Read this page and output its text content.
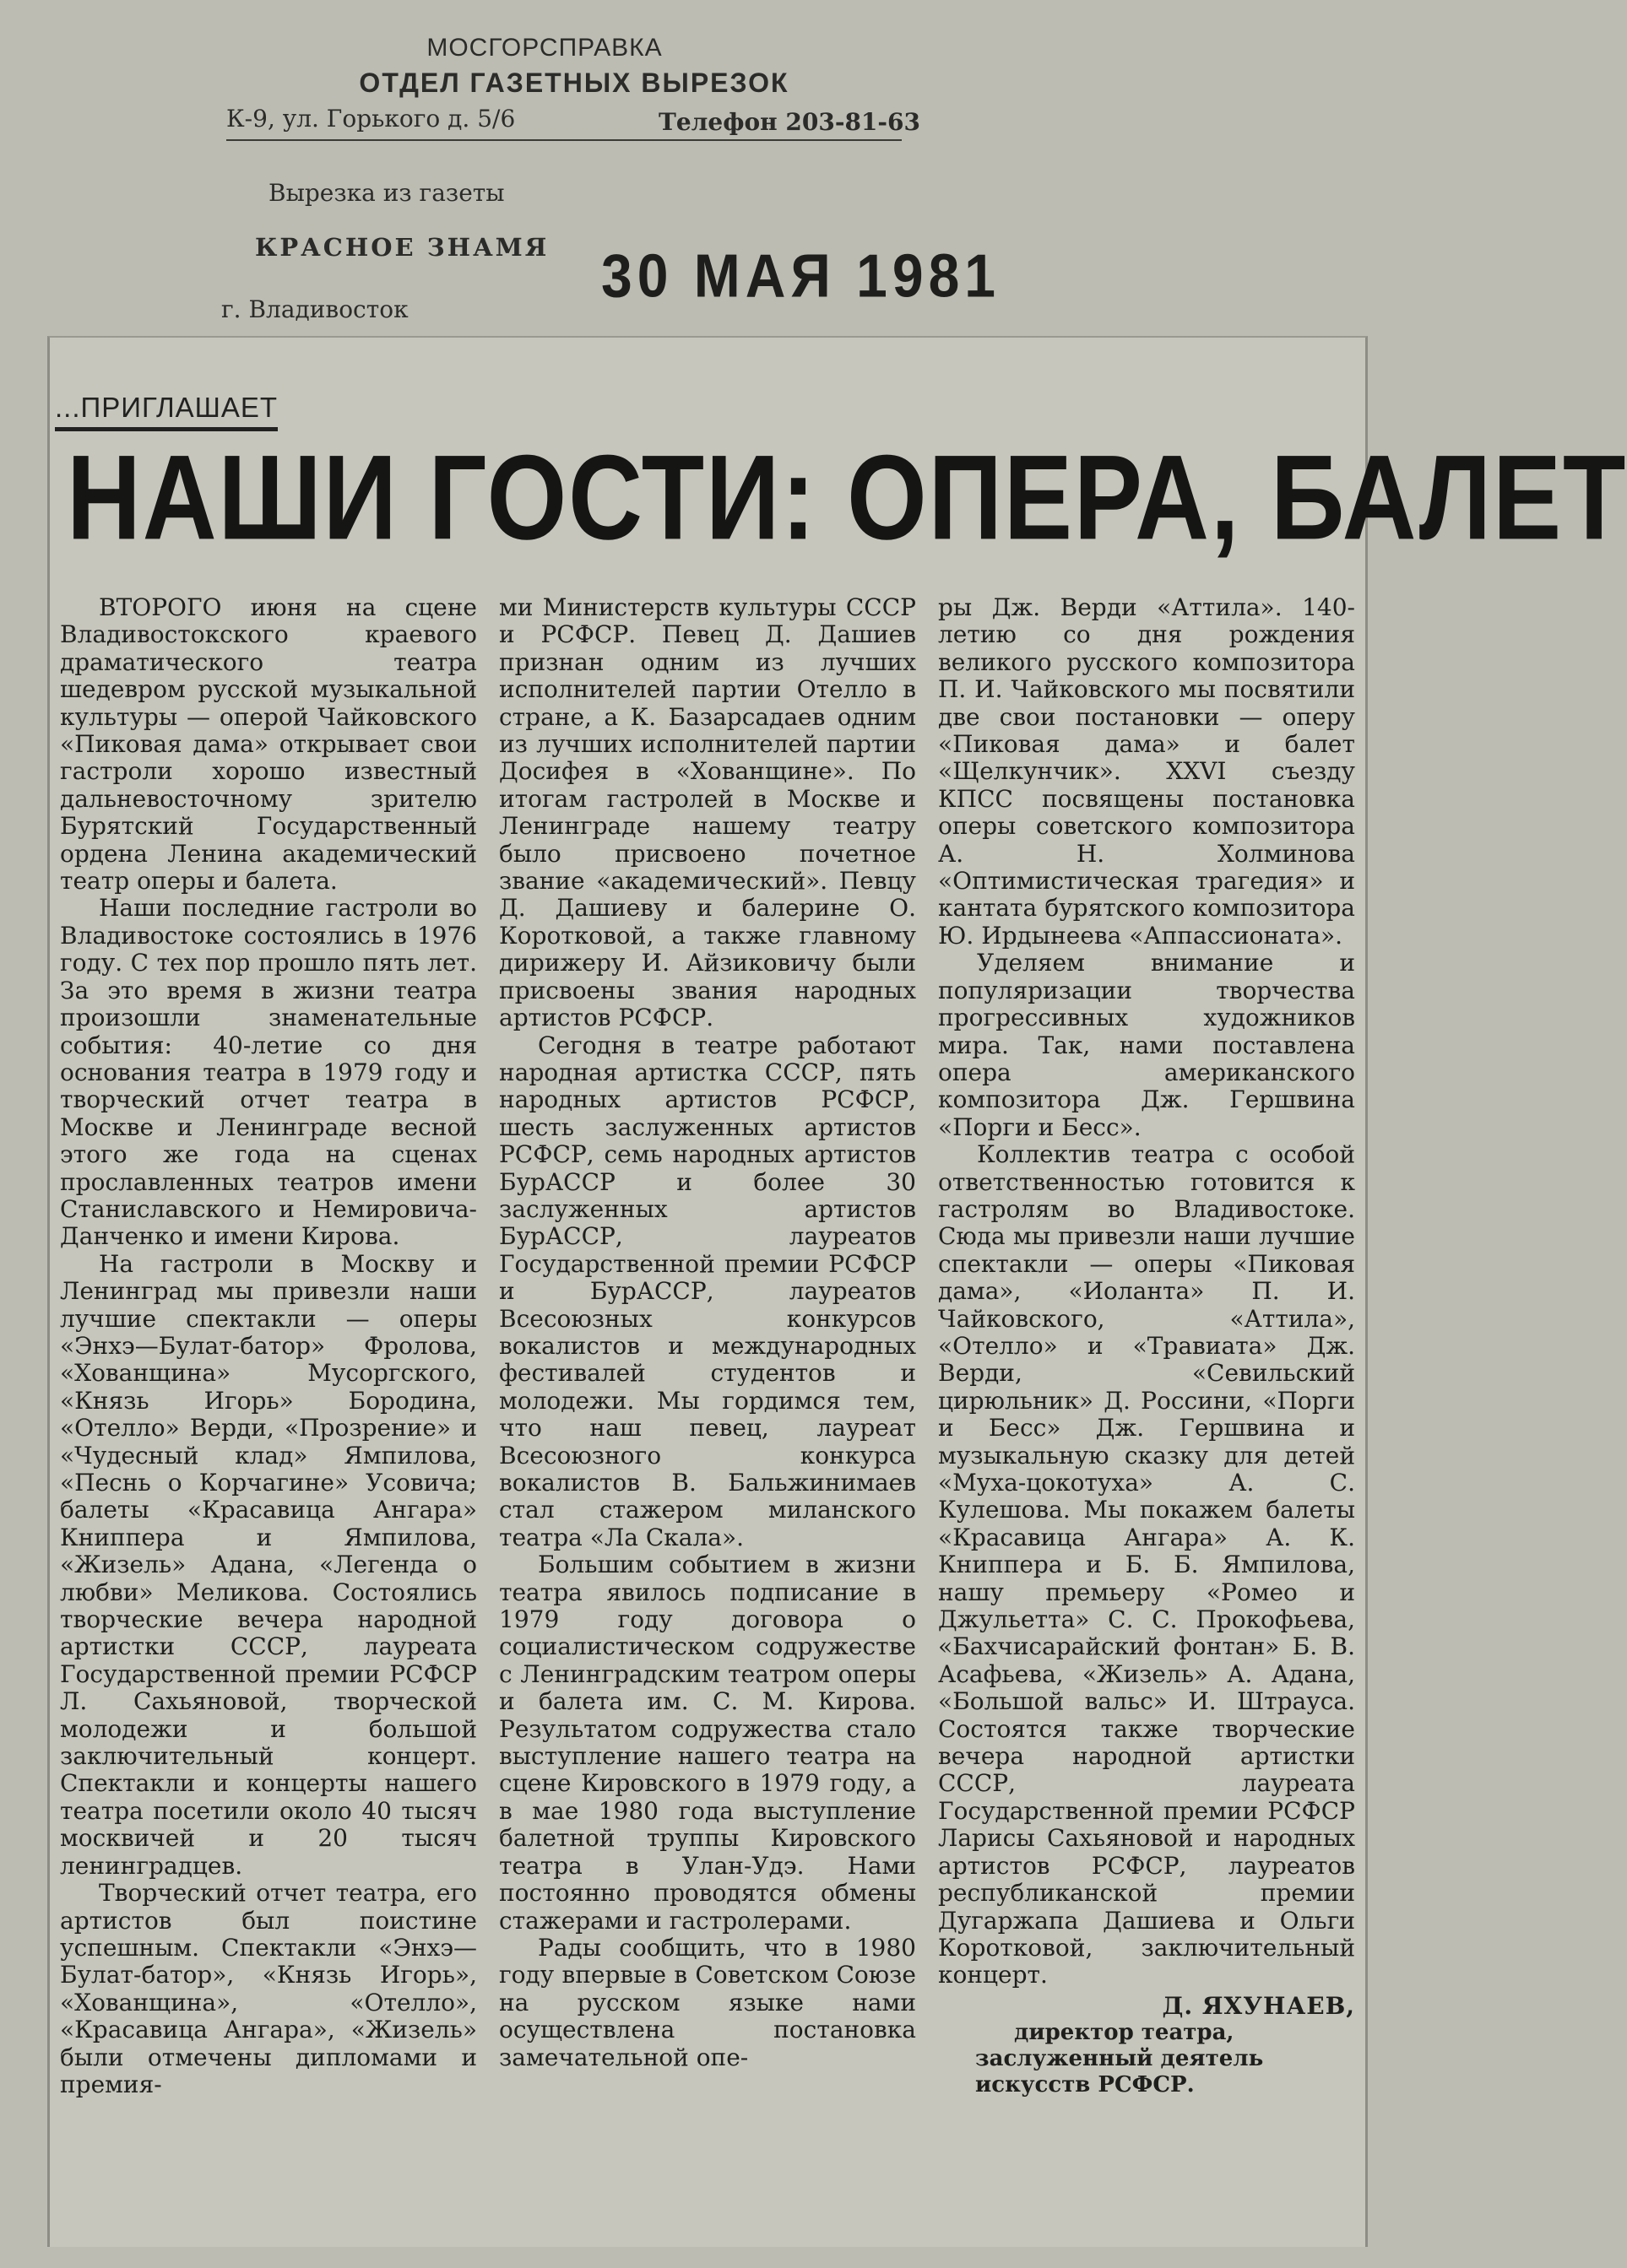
МОСГОРСПРАВКА
ОТДЕЛ ГАЗЕТНЫХ ВЫРЕЗОК
К-9, ул. Горького д. 5/6	Телефон 203-81-63
Вырезка из газеты
КРАСНОЕ ЗНАМЯ
г. Владивосток	30 МАЯ 1981
...ПРИГЛАШАЕТ
НАШИ ГОСТИ: ОПЕРА, БАЛЕТ

ВТОРОГО июня на сцене Владивостокского краевого драматического театра шедевром русской музыкальной культуры — оперой Чайковского «Пиковая дама» открывает свои гастроли хорошо известный дальневосточному зрителю Бурятский Государственный ордена Ленина академический театр оперы и балета.

Наши последние гастроли во Владивостоке состоялись в 1976 году. С тех пор прошло пять лет. За это время в жизни театра произошли знаменательные события: 40-летие со дня основания театра в 1979 году и творческий отчет театра в Москве и Ленинграде весной этого же года на сценах прославленных театров имени Станиславского и Немировича-Данченко и имени Кирова.

На гастроли в Москву и Ленинград мы привезли наши лучшие спектакли — оперы «Энхэ—Булат-батор» Фролова, «Хованщина» Мусоргского, «Князь Игорь» Бородина, «Отелло» Верди, «Прозрение» и «Чудесный клад» Ямпилова, «Песнь о Корчагине» Усовича; балеты «Красавица Ангара» Книппера и Ямпилова, «Жизель» Адана, «Легенда о любви» Меликова. Состоялись творческие вечера народной артистки СССР, лауреата Государственной премии РСФСР Л. Сахьяновой, творческой молодежи и большой заключительный концерт. Спектакли и концерты нашего театра посетили около 40 тысяч москвичей и 20 тысяч ленинградцев.

Творческий отчет театра, его артистов был поистине успешным. Спектакли «Энхэ—Булат-батор», «Князь Игорь», «Хованщина», «Отелло», «Красавица Ангара», «Жизель» были отмечены дипломами и премия-

ми Министерств культуры СССР и РСФСР. Певец Д. Дашиев признан одним из лучших исполнителей партии Отелло в стране, а К. Базарсадаев одним из лучших исполнителей партии Досифея в «Хованщине». По итогам гастролей в Москве и Ленинграде нашему театру было присвоено почетное звание «академический». Певцу Д. Дашиеву и балерине О. Коротковой, а также главному дирижеру И. Айзиковичу были присвоены звания народных артистов РСФСР.

Сегодня в театре работают народная артистка СССР, пять народных артистов РСФСР, шесть заслуженных артистов РСФСР, семь народных артистов БурАССР и более 30 заслуженных артистов БурАССР, лауреатов Государственной премии РСФСР и БурАССР, лауреатов Всесоюзных конкурсов вокалистов и международных фестивалей студентов и молодежи. Мы гордимся тем, что наш певец, лауреат Всесоюзного конкурса вокалистов В. Бальжинимаев стал стажером миланского театра «Ла Скала».

Большим событием в жизни театра явилось подписание в 1979 году договора о социалистическом содружестве с Ленинградским театром оперы и балета им. С. М. Кирова. Результатом содружества стало выступление нашего театра на сцене Кировского в 1979 году, а в мае 1980 года выступление балетной труппы Кировского театра в Улан-Удэ. Нами постоянно проводятся обмены стажерами и гастролерами.

Рады сообщить, что в 1980 году впервые в Советском Союзе на русском языке нами осуществлена постановка замечательной опе-

ры Дж. Верди «Аттила». 140-летию со дня рождения великого русского композитора П. И. Чайковского мы посвятили две свои постановки — оперу «Пиковая дама» и балет «Щелкунчик». XXVI съезду КПСС посвящены постановка оперы советского композитора А. Н. Холминова «Оптимистическая трагедия» и кантата бурятского композитора Ю. Ирдынеева «Аппассионата».

Уделяем внимание и популяризации творчества прогрессивных художников мира. Так, нами поставлена опера американского композитора Дж. Гершвина «Порги и Бесс».

Коллектив театра с особой ответственностью готовится к гастролям во Владивостоке. Сюда мы привезли наши лучшие спектакли — оперы «Пиковая дама», «Иоланта» П. И. Чайковского, «Аттила», «Отелло» и «Травиата» Дж. Верди, «Севильский цирюльник» Д. Россини, «Порги и Бесс» Дж. Гершвина и музыкальную сказку для детей «Муха-цокотуха» А. С. Кулешова. Мы покажем балеты «Красавица Ангара» А. К. Книппера и Б. Б. Ямпилова, нашу премьеру «Ромео и Джульетта» С. С. Прокофьева, «Бахчисарайский фонтан» Б. В. Асафьева, «Жизель» А. Адана, «Большой вальс» И. Штрауса. Состоятся также творческие вечера народной артистки СССР, лауреата Государственной премии РСФСР Ларисы Сахьяновой и народных артистов РСФСР, лауреатов республиканской премии Дугаржапа Дашиева и Ольги Коротковой, заключительный концерт.

Д. ЯХУНАЕВ,

директор театра, заслуженный деятель искусств РСФСР.
